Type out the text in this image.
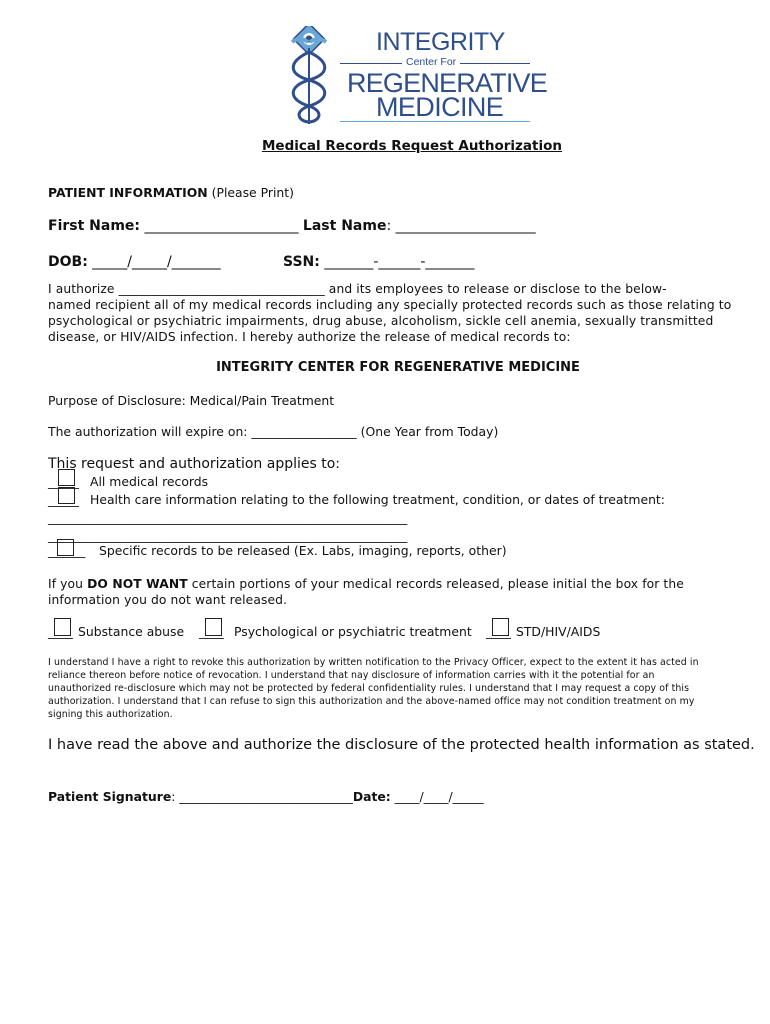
INTEGRITY
Center For
REGENERATIVE
MEDICINE
Medical Records Request Authorization
PATIENT INFORMATION (Please Print)
First Name: ______________________ Last Name: ____________________
DOB: _____/_____/_______	SSN: _______-______-_______
I authorize _________________________________ and its employees to release or disclose to the below-
named recipient all of my medical records including any specially protected records such as those relating to
psychological or psychiatric impairments, drug abuse, alcoholism, sickle cell anemia, sexually transmitted
disease, or HIV/AIDS infection. I hereby authorize the release of medical records to:
INTEGRITY CENTER FOR REGENERATIVE MEDICINE
Purpose of Disclosure: Medical/Pain Treatment
The authorization will expire on: _________________ (One Year from Today)
This request and authorization applies to:
_____ All medical records
_____ Health care information relating to the following treatment, condition, or dates of treatment:
__________________________________________________________
__________________________________________________________
______ Specific records to be released (Ex. Labs, imaging, reports, other)
If you DO NOT WANT certain portions of your medical records released, please initial the box for the
information you do not want released.
____ Substance abuse ____ Psychological or psychiatric treatment ____ STD/HIV/AIDS
I understand I have a right to revoke this authorization by written notification to the Privacy Officer, expect to the extent it has acted in
reliance thereon before notice of revocation. I understand that nay disclosure of information carries with it the potential for an
unauthorized re-disclosure which may not be protected by federal confidentiality rules. I understand that I may request a copy of this
authorization. I understand that I can refuse to sign this authorization and the above-named office may not condition treatment on my
signing this authorization.
I have read the above and authorize the disclosure of the protected health information as stated.
Patient Signature: ____________________________Date: ____/____/_____
